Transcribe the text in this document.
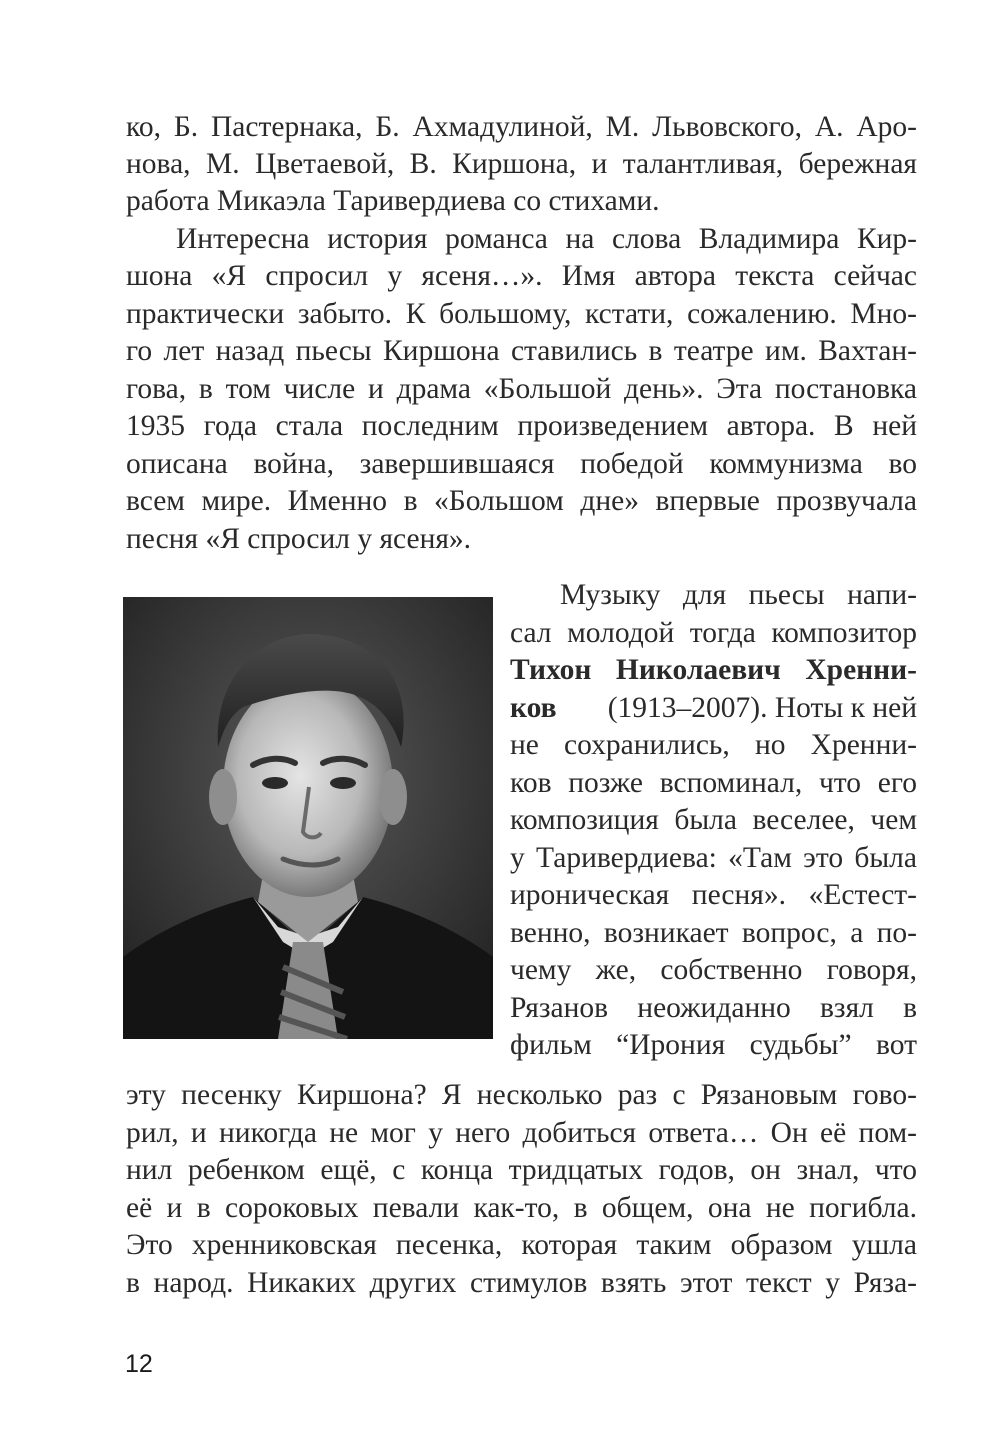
ко, Б. Пастернака, Б. Ахмадулиной, М. Львовского, А. Аро-
нова, М. Цветаевой, В. Киршона, и талантливая, бережная
работа Микаэла Таривердиева со стихами.
Интересна история романса на слова Владимира Кир-
шона «Я спросил у ясеня…». Имя автора текста сейчас
практически забыто. К большому, кстати, сожалению. Мно-
го лет назад пьесы Киршона ставились в театре им. Вахтан-
гова, в том числе и драма «Большой день». Эта постановка
1935 года стала последним произведением автора. В ней
описана война, завершившаяся победой коммунизма во
всем мире. Именно в «Большом дне» впервые прозвучала
песня «Я спросил у ясеня».
Музыку для пьесы напи-
сал молодой тогда композитор
Тихон Николаевич Хренни-
ков (1913–2007). Ноты к ней
не сохранились, но Хренни-
ков позже вспоминал, что его
композиция была веселее, чем
у Таривердиева: «Там это была
ироническая песня». «Естест-
венно, возникает вопрос, а по-
чему же, собственно говоря,
Рязанов неожиданно взял в
фильм “Ирония судьбы” вот
эту песенку Киршона? Я несколько раз с Рязановым гово-
рил, и никогда не мог у него добиться ответа… Он её пом-
нил ребенком ещё, с конца тридцатых годов, он знал, что
её и в сороковых певали как-то, в общем, она не погибла.
Это хренниковская песенка, которая таким образом ушла
в народ. Никаких других стимулов взять этот текст у Ряза-
12
